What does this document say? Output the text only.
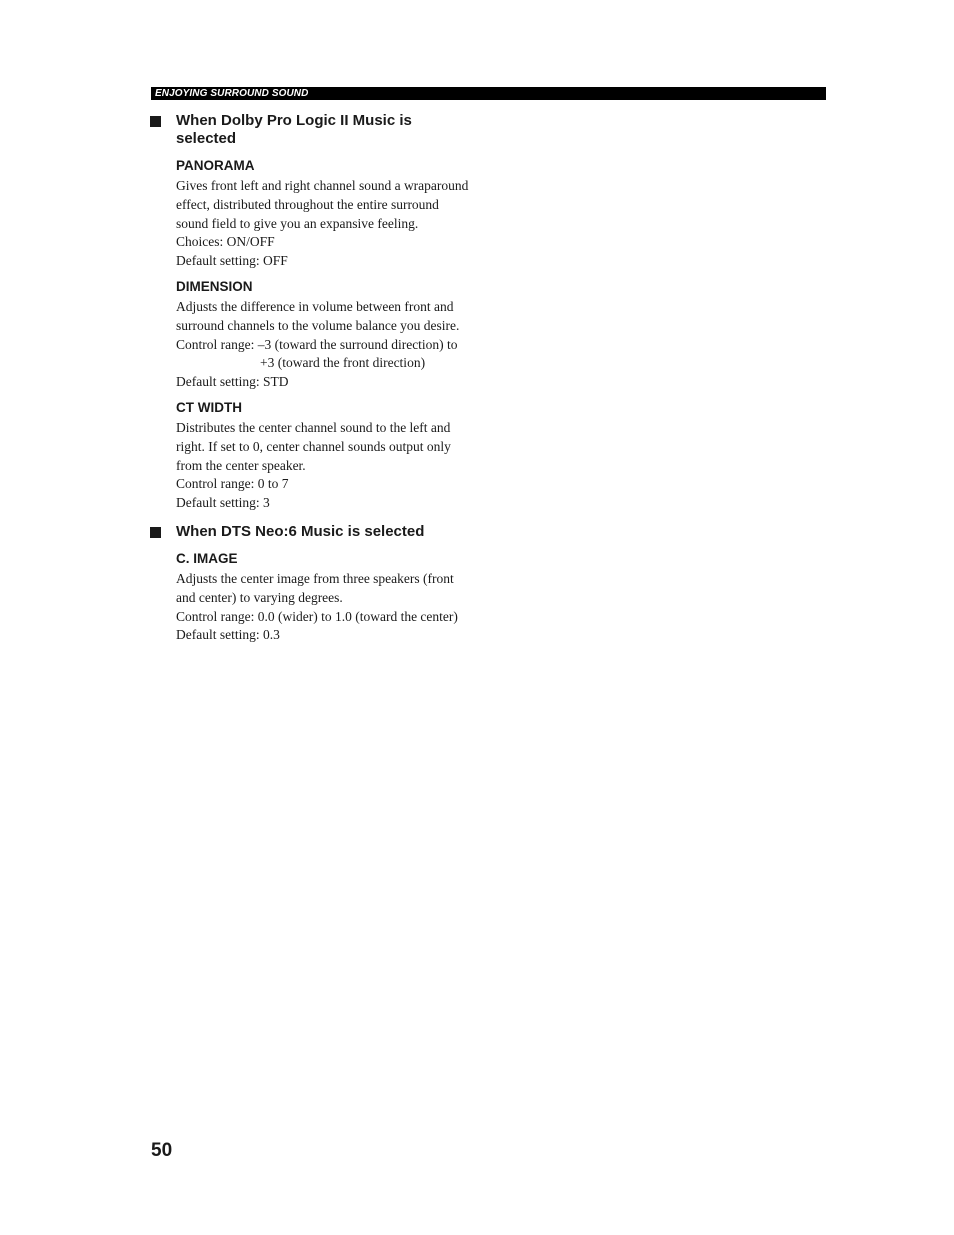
ENJOYING SURROUND SOUND
When Dolby Pro Logic II Music is
selected
PANORAMA
Gives front left and right channel sound a wraparound
effect, distributed throughout the entire surround
sound field to give you an expansive feeling.
Choices: ON/OFF
Default setting: OFF
DIMENSION
Adjusts the difference in volume between front and
surround channels to the volume balance you desire.
Control range: –3 (toward the surround direction) to
+3 (toward the front direction)
Default setting: STD
CT WIDTH
Distributes the center channel sound to the left and
right. If set to 0, center channel sounds output only
from the center speaker.
Control range: 0 to 7
Default setting: 3
When DTS Neo:6 Music is selected
C. IMAGE
Adjusts the center image from three speakers (front
and center) to varying degrees.
Control range: 0.0 (wider) to 1.0 (toward the center)
Default setting: 0.3
50
